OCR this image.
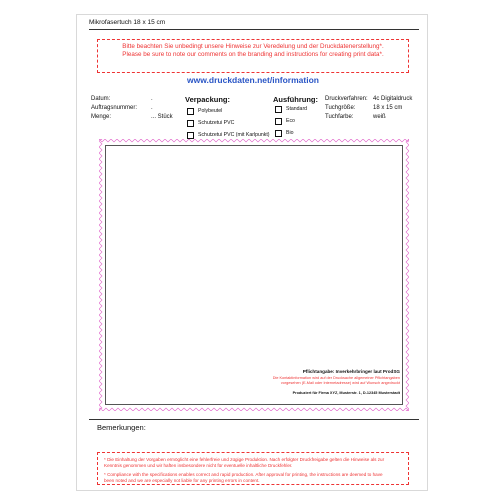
Mikrofasertuch 18 x 15 cm
Bitte beachten Sie unbedingt unsere Hinweise zur Veredelung und der Druckdatenerstellung*.
Please be sure to note our comments on the branding and instructions for creating print data*.
www.druckdaten.net/information
Datum:
Auftragsnummer:
Menge:
.
.
... Stück
Verpackung:
Polybeutel
Schutzetui PVC
Schutzetui PVC (mit Karlpunkt)
Ausführung:
Standard
Eco
Bio
Druckverfahren:
Tuchgröße:
Tuchfarbe:
4c Digitaldruck
18 x 15 cm
weiß
Pflichtangabe: Inverkehrbringer laut ProdSG
Die Kontaktinformation wird auf der Drucksache allgemeiner Pflichtangaben
vorgesehen (E-Mail oder Internetadresse) wird auf Wunsch angedruckt
Produziert für Firma XYZ, Musterstr. 1, D-12345 Musterstadt
Bemerkungen:
* Die Einhaltung der Vorgaben ermöglicht eine fehlerfreie und zügige Produktion. Nach erfolgter Druckfreigabe gelten die Hinweise als zur
Kenntnis genommen und wir haften insbesondere nicht für eventuelle inhaltliche Druckfehler.
* Compliance with the specifications enables correct and rapid production. After approval for printing, the instructions are deemed to have
been noted and we are especially not liable for any printing errors in content.
